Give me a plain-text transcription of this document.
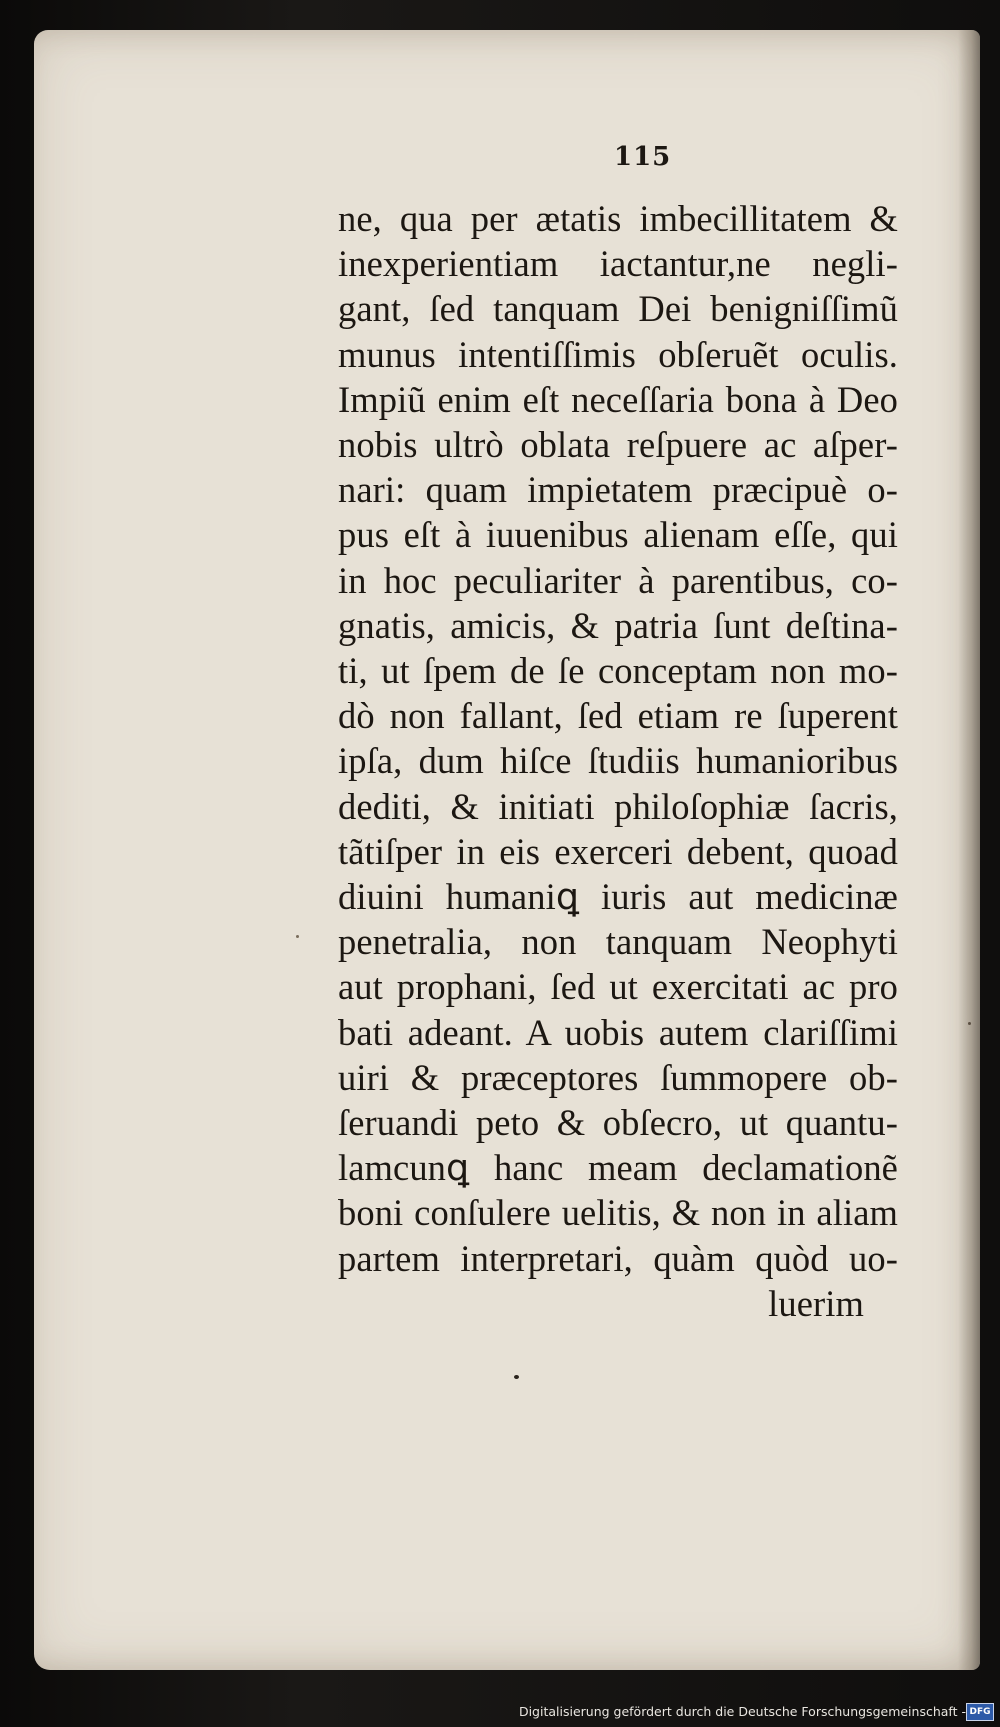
115
ne, qua per ætatis imbecillitatem &
inexperientiam iactantur,ne negli-
gant, ſed tanquam Dei benigniſſimũ
munus intentiſſimis obſeruẽt oculis.
Impiũ enim eſt neceſſaria bona à Deo
nobis ultrò oblata reſpuere ac aſper-
nari: quam impietatem præcipuè o-
pus eſt à iuuenibus alienam eſſe, qui
in hoc peculiariter à parentibus, co-
gnatis, amicis, & patria ſunt deſtina-
ti, ut ſpem de ſe conceptam non mo-
dò non fallant, ſed etiam re ſuperent
ipſa, dum hiſce ſtudiis humanioribus
dediti, & initiati philoſophiæ ſacris,
tãtiſper in eis exerceri debent, quoad
diuini humaniꝗ iuris aut medicinæ
penetralia, non tanquam Neophyti
aut prophani, ſed ut exercitati ac pro
bati adeant. A uobis autem clariſſimi
uiri & præceptores ſummopere ob-
ſeruandi peto & obſecro, ut quantu-
lamcunꝗ hanc meam declamationẽ
boni conſulere uelitis, & non in aliam
partem interpretari, quàm quòd uo-
luerim
Digitalisierung gefördert durch die Deutsche Forschungsgemeinschaft - DFG
